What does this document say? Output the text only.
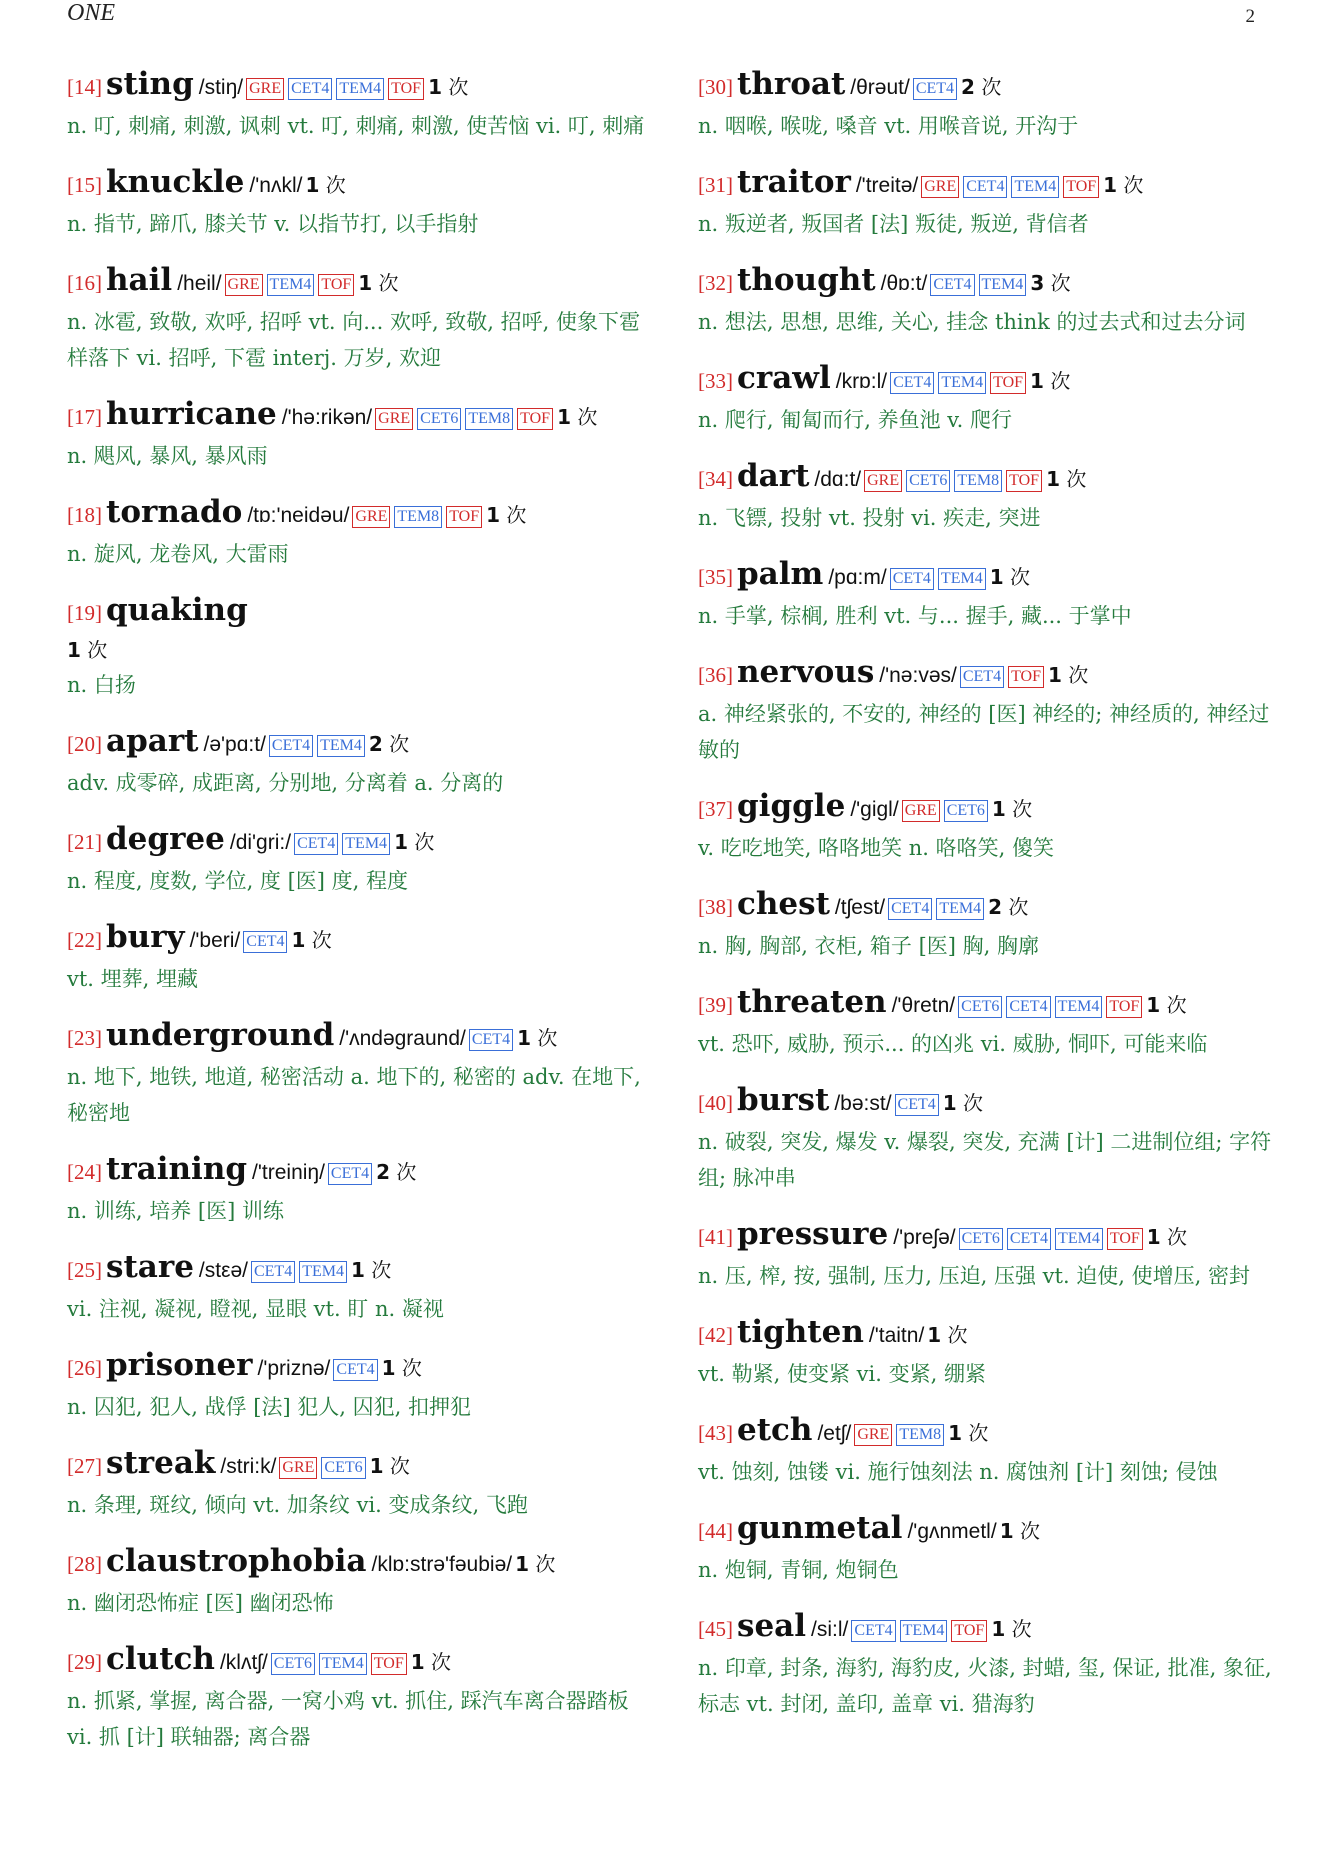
ONE	2
[14] sting /stiŋ/ GRE CET4 TEM4 TOF 1 次
n. 叮, 刺痛, 刺激, 讽刺 vt. 叮, 刺痛, 刺激, 使苦恼 vi. 叮, 刺痛
[15] knuckle /'nʌkl/ 1 次
n. 指节, 蹄爪, 膝关节 v. 以指节打, 以手指射
[16] hail /heil/ GRE TEM4 TOF 1 次
n. 冰雹, 致敬, 欢呼, 招呼 vt. 向... 欢呼, 致敬, 招呼, 使象下雹样落下 vi. 招呼, 下雹 interj. 万岁, 欢迎
[17] hurricane /'hə:rikən/ GRE CET6 TEM8 TOF 1 次
n. 飓风, 暴风, 暴风雨
[18] tornado /tɒ:'neidəu/ GRE TEM8 TOF 1 次
n. 旋风, 龙卷风, 大雷雨
[19] quaking
1 次
n. 白扬
[20] apart /ə'pɑ:t/ CET4 TEM4 2 次
adv. 成零碎, 成距离, 分别地, 分离着 a. 分离的
[21] degree /di'gri:/ CET4 TEM4 1 次
n. 程度, 度数, 学位, 度 [医] 度, 程度
[22] bury /'beri/ CET4 1 次
vt. 埋葬, 埋藏
[23] underground /'ʌndəgraund/ CET4 1 次
n. 地下, 地铁, 地道, 秘密活动 a. 地下的, 秘密的 adv. 在地下, 秘密地
[24] training /'treiniŋ/ CET4 2 次
n. 训练, 培养 [医] 训练
[25] stare /stεə/ CET4 TEM4 1 次
vi. 注视, 凝视, 瞪视, 显眼 vt. 盯 n. 凝视
[26] prisoner /'priznə/ CET4 1 次
n. 囚犯, 犯人, 战俘 [法] 犯人, 囚犯, 扣押犯
[27] streak /stri:k/ GRE CET6 1 次
n. 条理, 斑纹, 倾向 vt. 加条纹 vi. 变成条纹, 飞跑
[28] claustrophobia /klɒ:strə'fəubiə/ 1 次
n. 幽闭恐怖症 [医] 幽闭恐怖
[29] clutch /klʌtʃ/ CET6 TEM4 TOF 1 次
n. 抓紧, 掌握, 离合器, 一窝小鸡 vt. 抓住, 踩汽车离合器踏板 vi. 抓 [计] 联轴器; 离合器
[30] throat /θrəut/ CET4 2 次
n. 咽喉, 喉咙, 嗓音 vt. 用喉音说, 开沟于
[31] traitor /'treitə/ GRE CET4 TEM4 TOF 1 次
n. 叛逆者, 叛国者 [法] 叛徒, 叛逆, 背信者
[32] thought /θɒ:t/ CET4 TEM4 3 次
n. 想法, 思想, 思维, 关心, 挂念 think 的过去式和过去分词
[33] crawl /krɒ:l/ CET4 TEM4 TOF 1 次
n. 爬行, 匍匐而行, 养鱼池 v. 爬行
[34] dart /dɑ:t/ GRE CET6 TEM8 TOF 1 次
n. 飞镖, 投射 vt. 投射 vi. 疾走, 突进
[35] palm /pɑ:m/ CET4 TEM4 1 次
n. 手掌, 棕榈, 胜利 vt. 与... 握手, 藏... 于掌中
[36] nervous /'nə:vəs/ CET4 TOF 1 次
a. 神经紧张的, 不安的, 神经的 [医] 神经的; 神经质的, 神经过敏的
[37] giggle /'gigl/ GRE CET6 1 次
v. 吃吃地笑, 咯咯地笑 n. 咯咯笑, 傻笑
[38] chest /tʃest/ CET4 TEM4 2 次
n. 胸, 胸部, 衣柜, 箱子 [医] 胸, 胸廓
[39] threaten /'θretn/ CET6 CET4 TEM4 TOF 1 次
vt. 恐吓, 威胁, 预示... 的凶兆 vi. 威胁, 恫吓, 可能来临
[40] burst /bə:st/ CET4 1 次
n. 破裂, 突发, 爆发 v. 爆裂, 突发, 充满 [计] 二进制位组; 字符组; 脉冲串
[41] pressure /'preʃə/ CET6 CET4 TEM4 TOF 1 次
n. 压, 榨, 按, 强制, 压力, 压迫, 压强 vt. 迫使, 使增压, 密封
[42] tighten /'taitn/ 1 次
vt. 勒紧, 使变紧 vi. 变紧, 绷紧
[43] etch /etʃ/ GRE TEM8 1 次
vt. 蚀刻, 蚀镂 vi. 施行蚀刻法 n. 腐蚀剂 [计] 刻蚀; 侵蚀
[44] gunmetal /'gʌnmetl/ 1 次
n. 炮铜, 青铜, 炮铜色
[45] seal /si:l/ CET4 TEM4 TOF 1 次
n. 印章, 封条, 海豹, 海豹皮, 火漆, 封蜡, 玺, 保证, 批准, 象征, 标志 vt. 封闭, 盖印, 盖章 vi. 猎海豹
